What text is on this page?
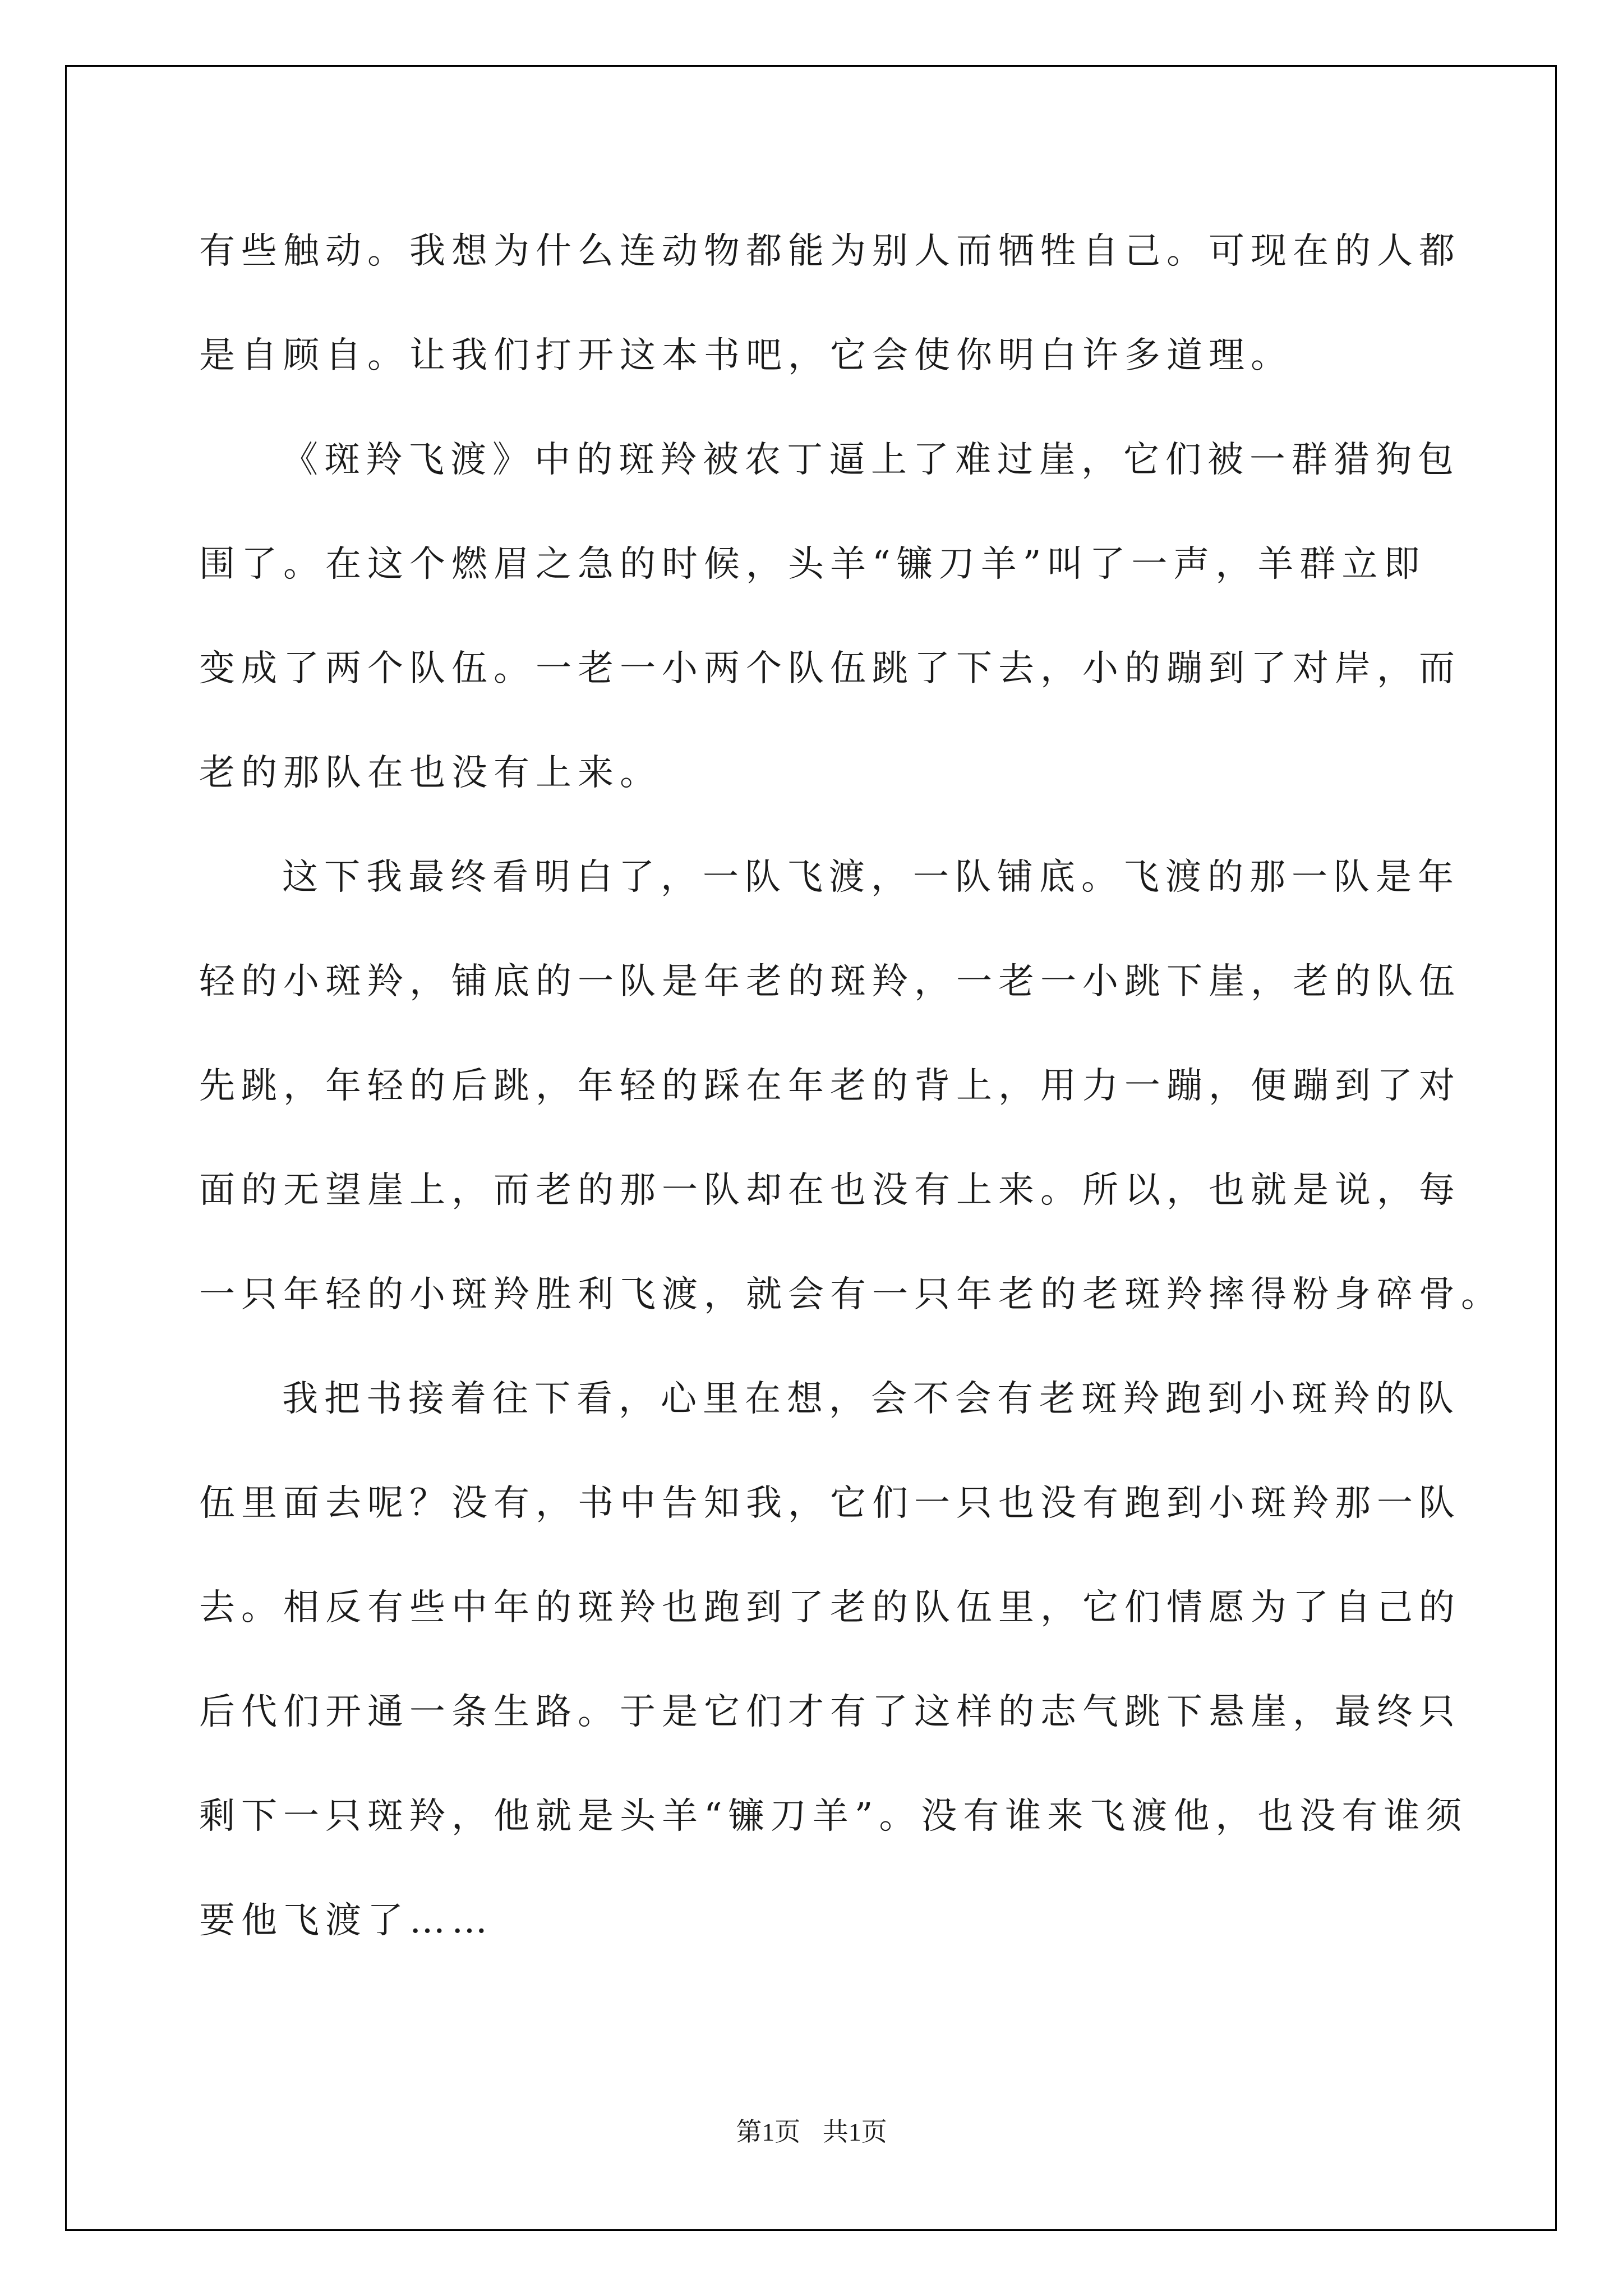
有些触动。我想为什么连动物都能为别人而牺牲自己。可现在的人都
是自顾自。让我们打开这本书吧，它会使你明白许多道理。
《斑羚飞渡》中的斑羚被农丁逼上了难过崖，它们被一群猎狗包
围了。在这个燃眉之急的时候，头羊“镰刀羊”叫了一声，羊群立即
变成了两个队伍。一老一小两个队伍跳了下去，小的蹦到了对岸，而
老的那队在也没有上来。
这下我最终看明白了，一队飞渡，一队铺底。飞渡的那一队是年
轻的小斑羚，铺底的一队是年老的斑羚，一老一小跳下崖，老的队伍
先跳，年轻的后跳，年轻的踩在年老的背上，用力一蹦，便蹦到了对
面的无望崖上，而老的那一队却在也没有上来。所以，也就是说，每
一只年轻的小斑羚胜利飞渡，就会有一只年老的老斑羚摔得粉身碎骨。
我把书接着往下看，心里在想，会不会有老斑羚跑到小斑羚的队
伍里面去呢？没有，书中告知我，它们一只也没有跑到小斑羚那一队
去。相反有些中年的斑羚也跑到了老的队伍里，它们情愿为了自己的
后代们开通一条生路。于是它们才有了这样的志气跳下悬崖，最终只
剩下一只斑羚，他就是头羊“镰刀羊”。没有谁来飞渡他，也没有谁须
要他飞渡了……
第1页 共1页
